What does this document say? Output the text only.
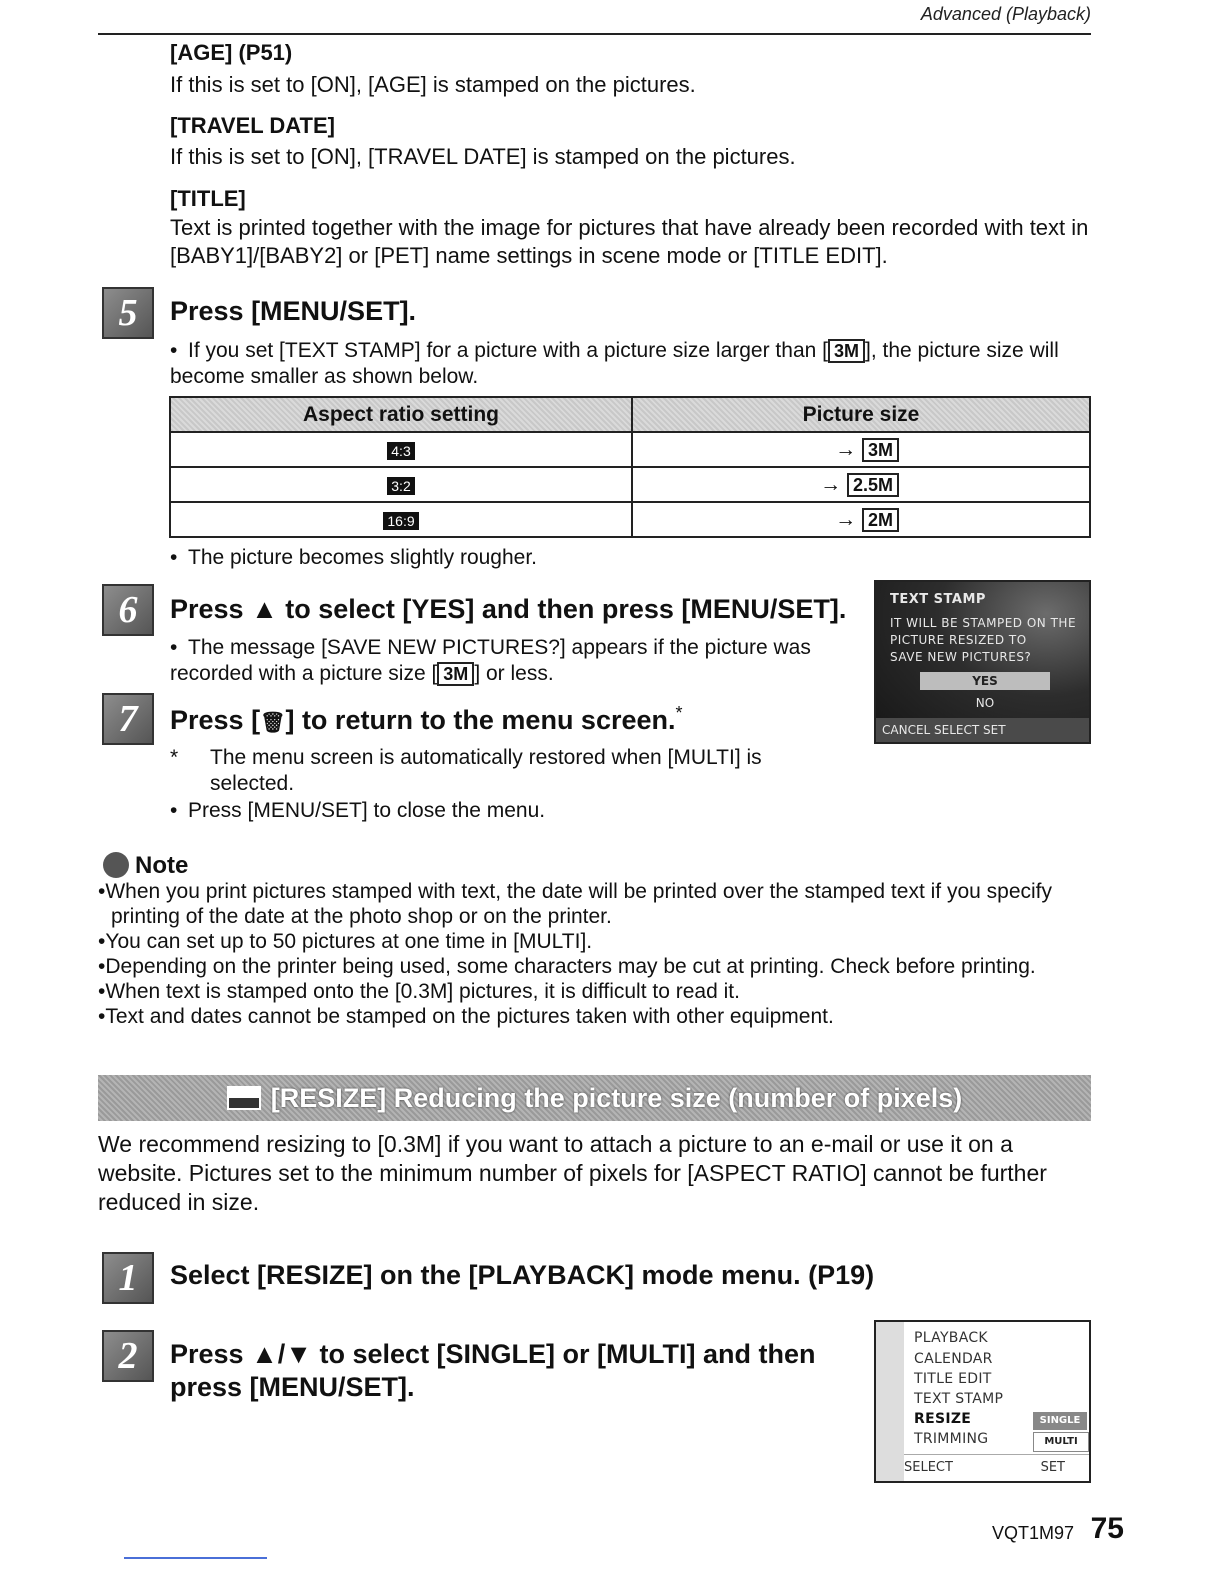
Advanced (Playback)
[AGE] (P51)
If this is set to [ON], [AGE] is stamped on the pictures.
[TRAVEL DATE]
If this is set to [ON], [TRAVEL DATE] is stamped on the pictures.
[TITLE]
Text is printed together with the image for pictures that have already been recorded with text in [BABY1]/[BABY2] or [PET] name settings in scene mode or [TITLE EDIT].
5	Press [MENU/SET].
• If you set [TEXT STAMP] for a picture with a picture size larger than [ 3M ], the picture size will become smaller as shown below.
Aspect ratio setting	Picture size
4:3	→ 3M
3:2	→ 2.5M
16:9	→ 2M
• The picture becomes slightly rougher.
6	Press ▲ to select [YES] and then press [MENU/SET].
• The message [SAVE NEW PICTURES?] appears if the picture was recorded with a picture size [ 3M ] or less.
TEXT STAMP
IT WILL BE STAMPED ON THE
PICTURE RESIZED TO
SAVE NEW PICTURES?
YES
NO
CANCEL SELECT SET
7	Press [🗑] to return to the menu screen.*
* The menu screen is automatically restored when [MULTI] is selected.
• Press [MENU/SET] to close the menu.
Note
•When you print pictures stamped with text, the date will be printed over the stamped text if you specify printing of the date at the photo shop or on the printer.
•You can set up to 50 pictures at one time in [MULTI].
•Depending on the printer being used, some characters may be cut at printing. Check before printing.
•When text is stamped onto the [0.3M] pictures, it is difficult to read it.
•Text and dates cannot be stamped on the pictures taken with other equipment.
[RESIZE] Reducing the picture size (number of pixels)
We recommend resizing to [0.3M] if you want to attach a picture to an e-mail or use it on a website. Pictures set to the minimum number of pixels for [ASPECT RATIO] cannot be further reduced in size.
1	Select [RESIZE] on the [PLAYBACK] mode menu. (P19)
2	Press ▲/▼ to select [SINGLE] or [MULTI] and then press [MENU/SET].
PLAYBACK
CALENDAR
TITLE EDIT
TEXT STAMP
RESIZE
TRIMMING
SINGLE
MULTI
SELECT	SET
VQT1M97 75
